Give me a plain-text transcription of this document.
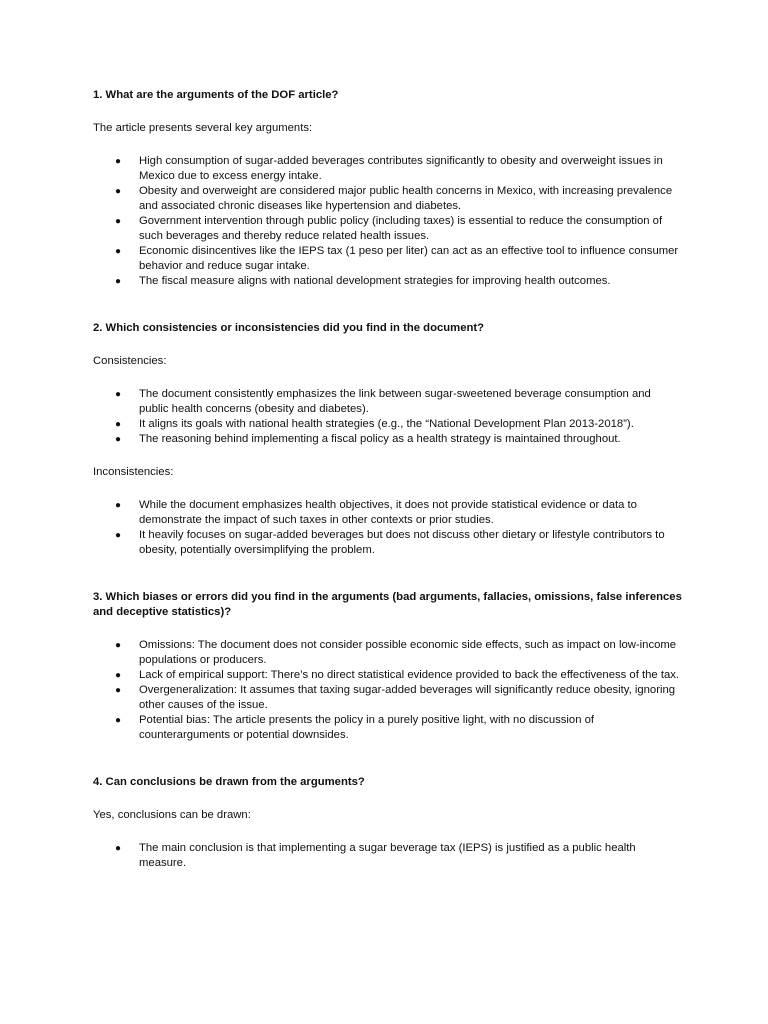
1. What are the arguments of the DOF article?
The article presents several key arguments:
● High consumption of sugar-added beverages contributes significantly to obesity and overweight issues in Mexico due to excess energy intake.
● Obesity and overweight are considered major public health concerns in Mexico, with increasing prevalence and associated chronic diseases like hypertension and diabetes.
● Government intervention through public policy (including taxes) is essential to reduce the consumption of such beverages and thereby reduce related health issues.
● Economic disincentives like the IEPS tax (1 peso per liter) can act as an effective tool to influence consumer behavior and reduce sugar intake.
● The fiscal measure aligns with national development strategies for improving health outcomes.
2. Which consistencies or inconsistencies did you find in the document?
Consistencies:
● The document consistently emphasizes the link between sugar-sweetened beverage consumption and public health concerns (obesity and diabetes).
● It aligns its goals with national health strategies (e.g., the “National Development Plan 2013-2018”).
● The reasoning behind implementing a fiscal policy as a health strategy is maintained throughout.
Inconsistencies:
● While the document emphasizes health objectives, it does not provide statistical evidence or data to demonstrate the impact of such taxes in other contexts or prior studies.
● It heavily focuses on sugar-added beverages but does not discuss other dietary or lifestyle contributors to obesity, potentially oversimplifying the problem.
3. Which biases or errors did you find in the arguments (bad arguments, fallacies, omissions, false inferences and deceptive statistics)?
● Omissions: The document does not consider possible economic side effects, such as impact on low-income populations or producers.
● Lack of empirical support: There’s no direct statistical evidence provided to back the effectiveness of the tax.
● Overgeneralization: It assumes that taxing sugar-added beverages will significantly reduce obesity, ignoring other causes of the issue.
● Potential bias: The article presents the policy in a purely positive light, with no discussion of counterarguments or potential downsides.
4. Can conclusions be drawn from the arguments?
Yes, conclusions can be drawn:
● The main conclusion is that implementing a sugar beverage tax (IEPS) is justified as a public health measure.
